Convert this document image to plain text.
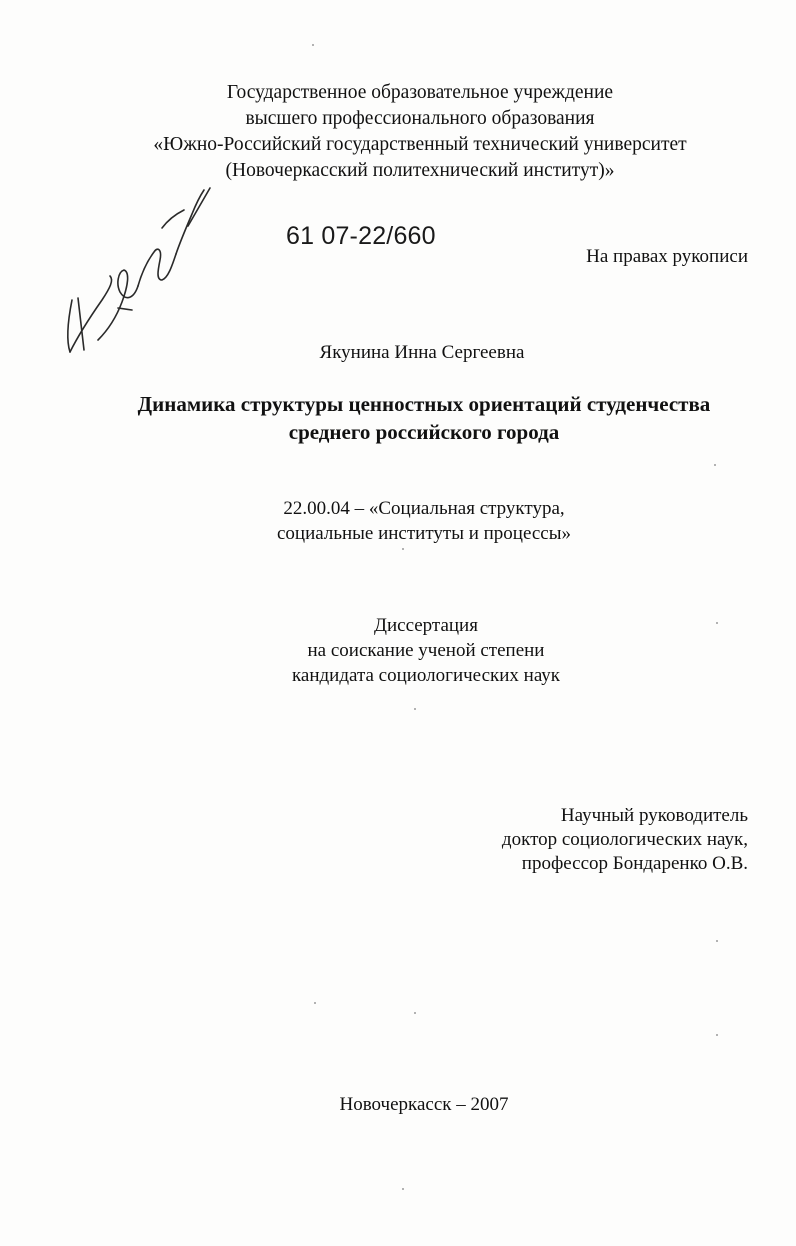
Государственное образовательное учреждение
высшего профессионального образования
«Южно-Российский государственный технический университет
(Новочеркасский политехнический институт)»
61 07-22/660
На правах рукописи
Якунина Инна Сергеевна
Динамика структуры ценностных ориентаций студенчества
среднего российского города
22.00.04 – «Социальная структура,
социальные институты и процессы»
Диссертация
на соискание ученой степени
кандидата социологических наук
Научный руководитель
доктор социологических наук,
профессор Бондаренко О.В.
Новочеркасск – 2007
